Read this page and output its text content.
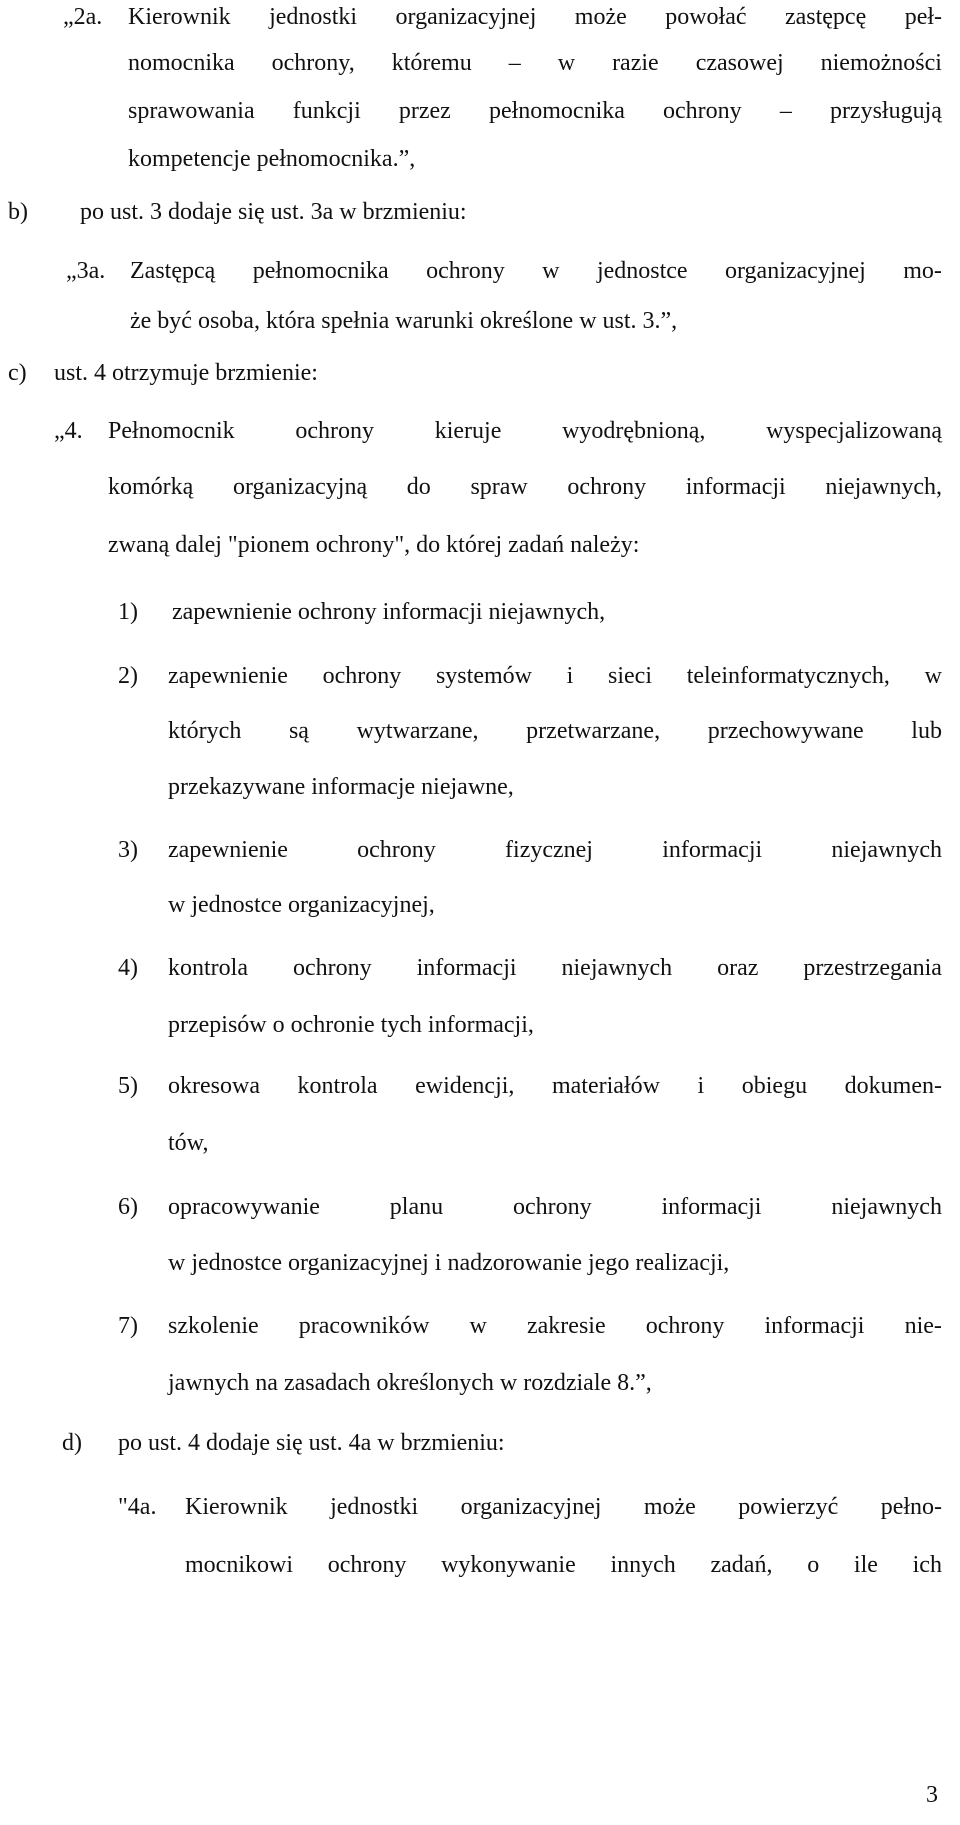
„2a. Kierownik jednostki organizacyjnej może powołać zastępcę peł-
nomocnika ochrony, któremu – w razie czasowej niemożności
sprawowania funkcji przez pełnomocnika ochrony – przysługują
kompetencje pełnomocnika.”,
b) po ust. 3 dodaje się ust. 3a w brzmieniu:
„3a. Zastępcą pełnomocnika ochrony w jednostce organizacyjnej mo-
że być osoba, która spełnia warunki określone w ust. 3.”,
c) ust. 4 otrzymuje brzmienie:
„4. Pełnomocnik	ochrony	kieruje	wyodrębnioną,	wyspecjalizowaną
komórką organizacyjną do spraw ochrony informacji niejawnych,
zwaną dalej "pionem ochrony", do której zadań należy:
1) zapewnienie ochrony informacji niejawnych,
2) zapewnienie ochrony systemów i sieci teleinformatycznych, w
których są wytwarzane, przetwarzane, przechowywane lub
przekazywane informacje niejawne,
3) zapewnienie	ochrony	fizycznej	informacji	niejawnych
w jednostce organizacyjnej,
4) kontrola ochrony informacji niejawnych oraz przestrzegania
przepisów o ochronie tych informacji,
5) okresowa kontrola ewidencji, materiałów i obiegu dokumen-
tów,
6) opracowywanie	planu	ochrony	informacji	niejawnych
w jednostce organizacyjnej i nadzorowanie jego realizacji,
7) szkolenie pracowników w zakresie ochrony informacji nie-
jawnych na zasadach określonych w rozdziale 8.”,
d) po ust. 4 dodaje się ust. 4a w brzmieniu:
"4a. Kierownik jednostki organizacyjnej może powierzyć pełno-
mocnikowi ochrony wykonywanie innych zadań, o ile ich
3
